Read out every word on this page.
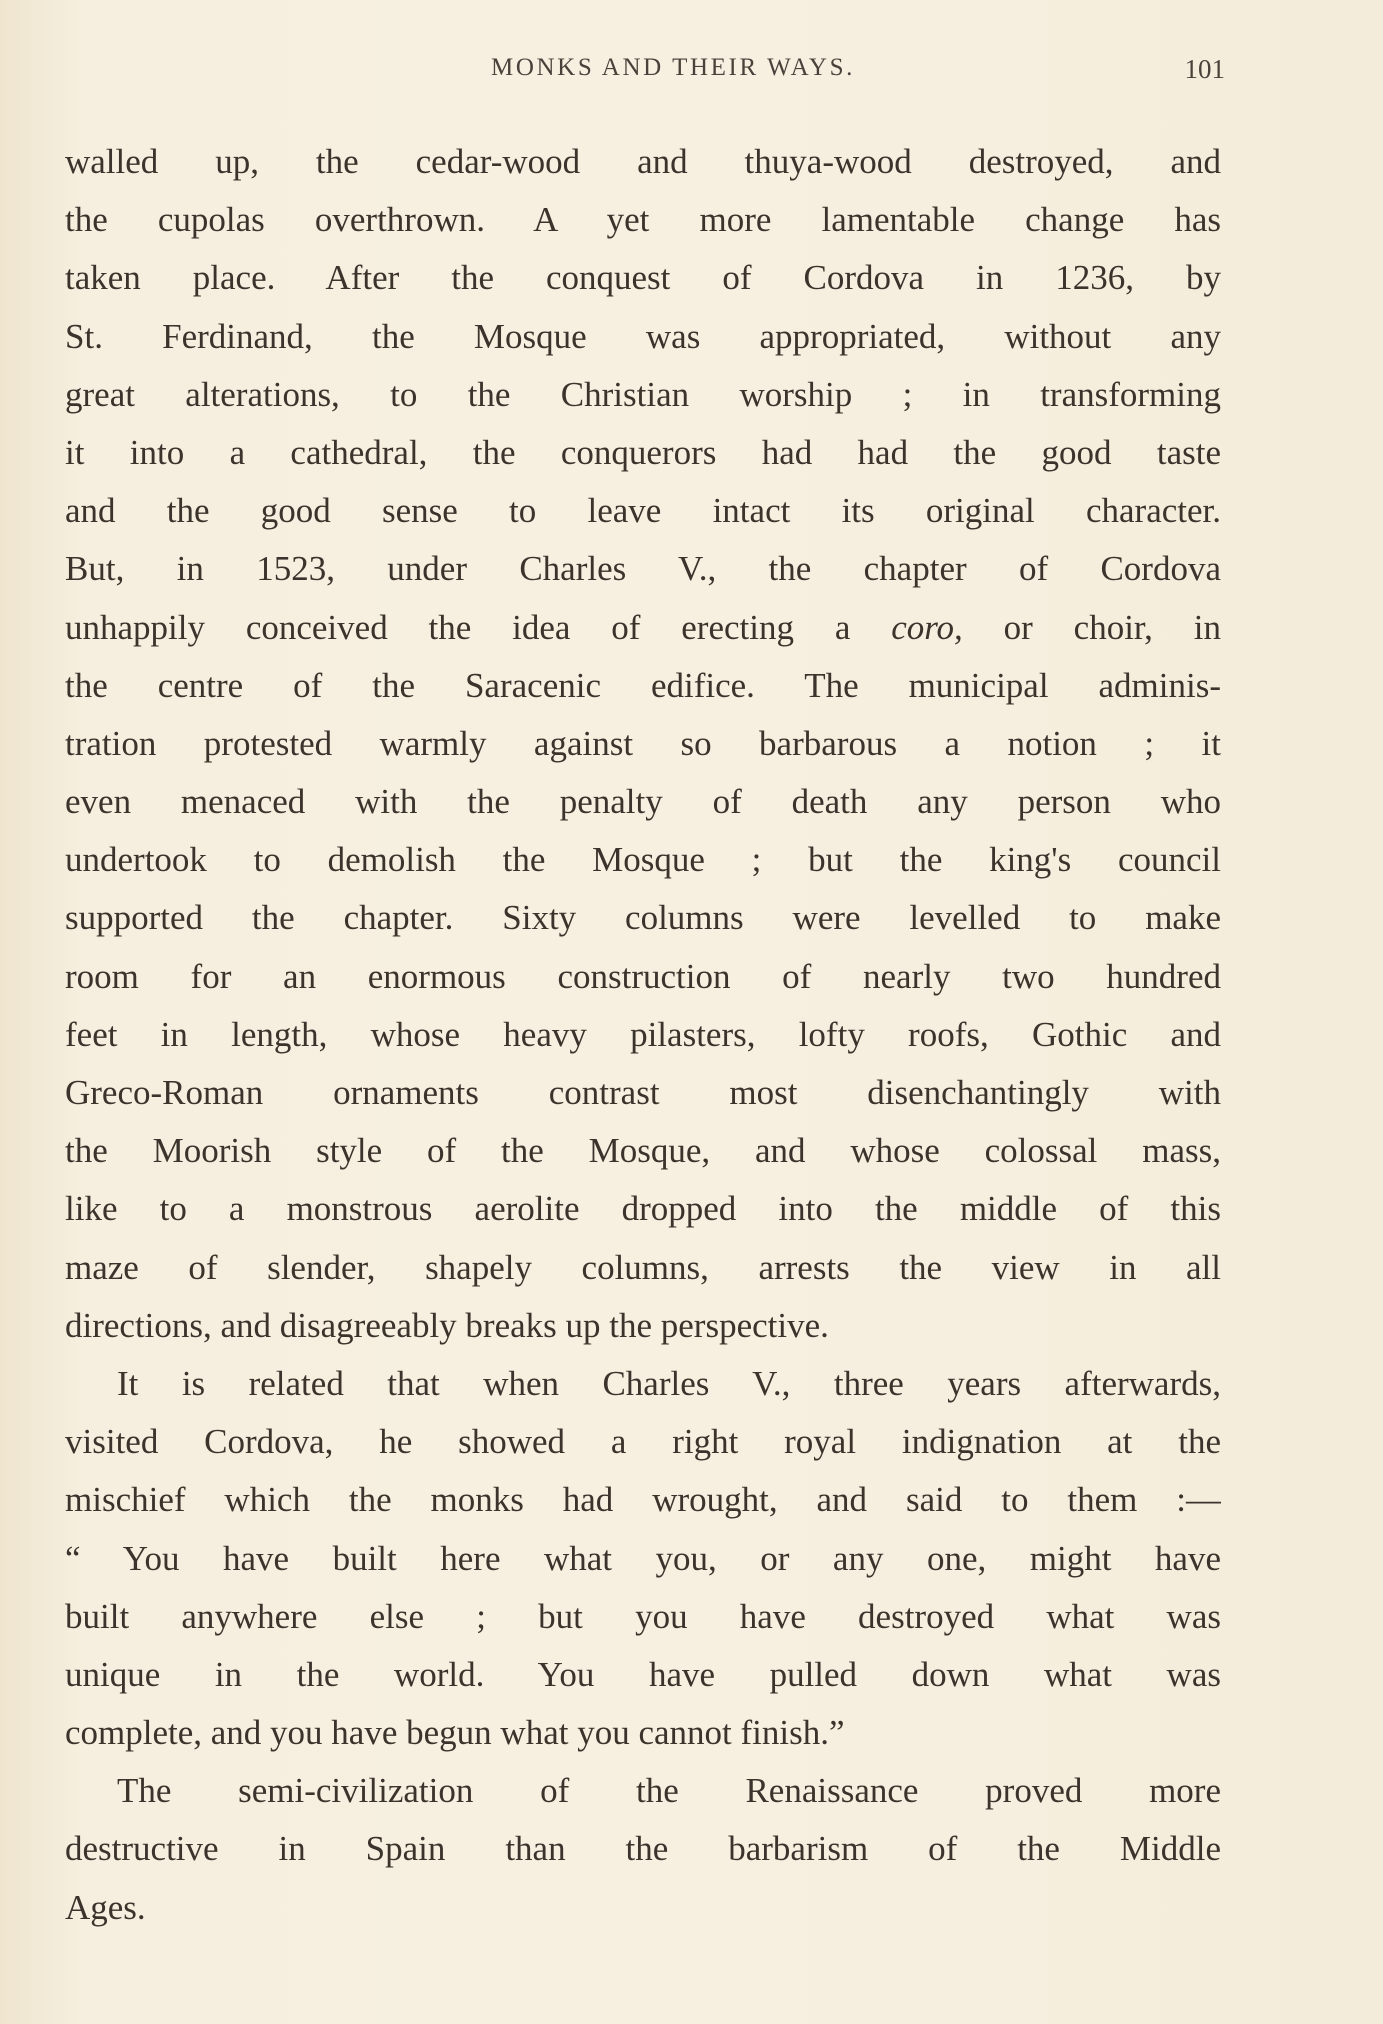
MONKS AND THEIR WAYS.	101
walled up, the cedar-wood and thuya-wood destroyed, and
the cupolas overthrown. A yet more lamentable change has
taken place. After the conquest of Cordova in 1236, by
St. Ferdinand, the Mosque was appropriated, without any
great alterations, to the Christian worship ; in transforming
it into a cathedral, the conquerors had had the good taste
and the good sense to leave intact its original character.
But, in 1523, under Charles V., the chapter of Cordova
unhappily conceived the idea of erecting a coro, or choir, in
the centre of the Saracenic edifice. The municipal adminis-
tration protested warmly against so barbarous a notion ; it
even menaced with the penalty of death any person who
undertook to demolish the Mosque ; but the king's council
supported the chapter. Sixty columns were levelled to make
room for an enormous construction of nearly two hundred
feet in length, whose heavy pilasters, lofty roofs, Gothic and
Greco-Roman ornaments contrast most disenchantingly with
the Moorish style of the Mosque, and whose colossal mass,
like to a monstrous aerolite dropped into the middle of this
maze of slender, shapely columns, arrests the view in all
directions, and disagreeably breaks up the perspective.
It is related that when Charles V., three years afterwards,
visited Cordova, he showed a right royal indignation at the
mischief which the monks had wrought, and said to them :—
“ You have built here what you, or any one, might have
built anywhere else ; but you have destroyed what was
unique in the world. You have pulled down what was
complete, and you have begun what you cannot finish.”
The semi-civilization of the Renaissance proved more
destructive in Spain than the barbarism of the Middle
Ages.
